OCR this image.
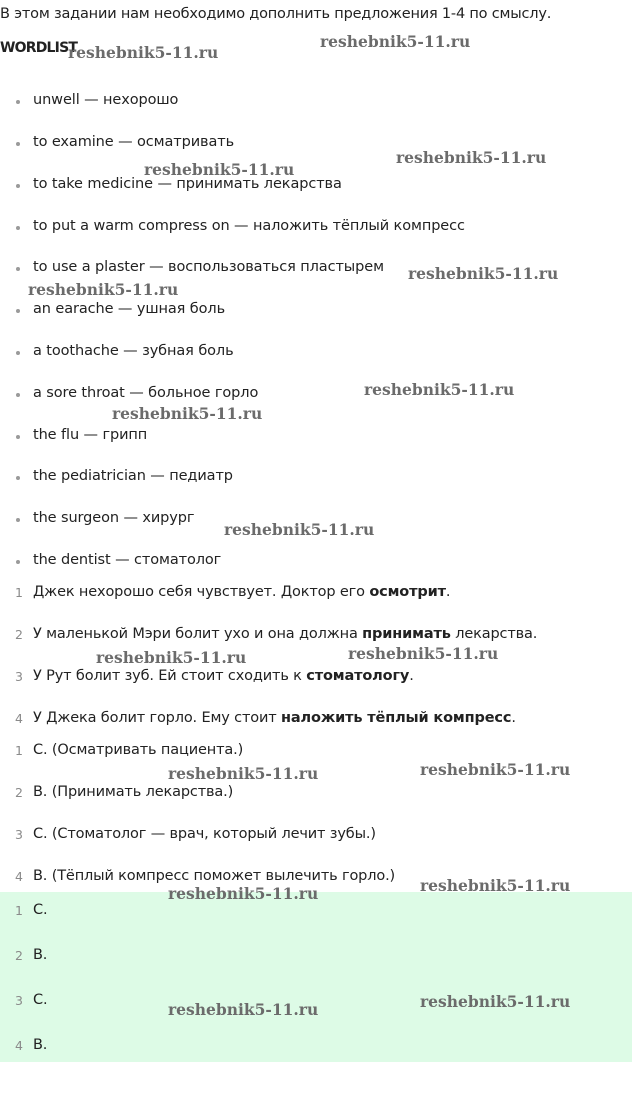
В этом задании нам необходимо дополнить предложения 1-4 по смыслу.
WORDLIST
unwell — нехорошо
to examine — осматривать
to take medicine — принимать лекарства
to put a warm compress on — наложить тёплый компресс
to use a plaster — воспользоваться пластырем
an earache — ушная боль
a toothache — зубная боль
a sore throat — больное горло
the flu — грипп
the pediatrician — педиатр
the surgeon — хирург
the dentist — стоматолог
1 Джек нехорошо себя чувствует. Доктор его осмотрит.
2 У маленькой Мэри болит ухо и она должна принимать лекарства.
3 У Рут болит зуб. Ей стоит сходить к стоматологу.
4 У Джека болит горло. Ему стоит наложить тёплый компресс.
1 C. (Осматривать пациента.)
2 B. (Принимать лекарства.)
3 C. (Стоматолог — врач, который лечит зубы.)
4 B. (Тёплый компресс поможет вылечить горло.)
1 C.
2 B.
3 C.
4 B.
reshebnik5-11.ru
reshebnik5-11.ru
reshebnik5-11.ru
reshebnik5-11.ru
reshebnik5-11.ru
reshebnik5-11.ru
reshebnik5-11.ru
reshebnik5-11.ru
reshebnik5-11.ru
reshebnik5-11.ru	reshebnik5-11.ru
reshebnik5-11.ru	reshebnik5-11.ru
reshebnik5-11.ru	reshebnik5-11.ru
reshebnik5-11.ru	reshebnik5-11.ru
